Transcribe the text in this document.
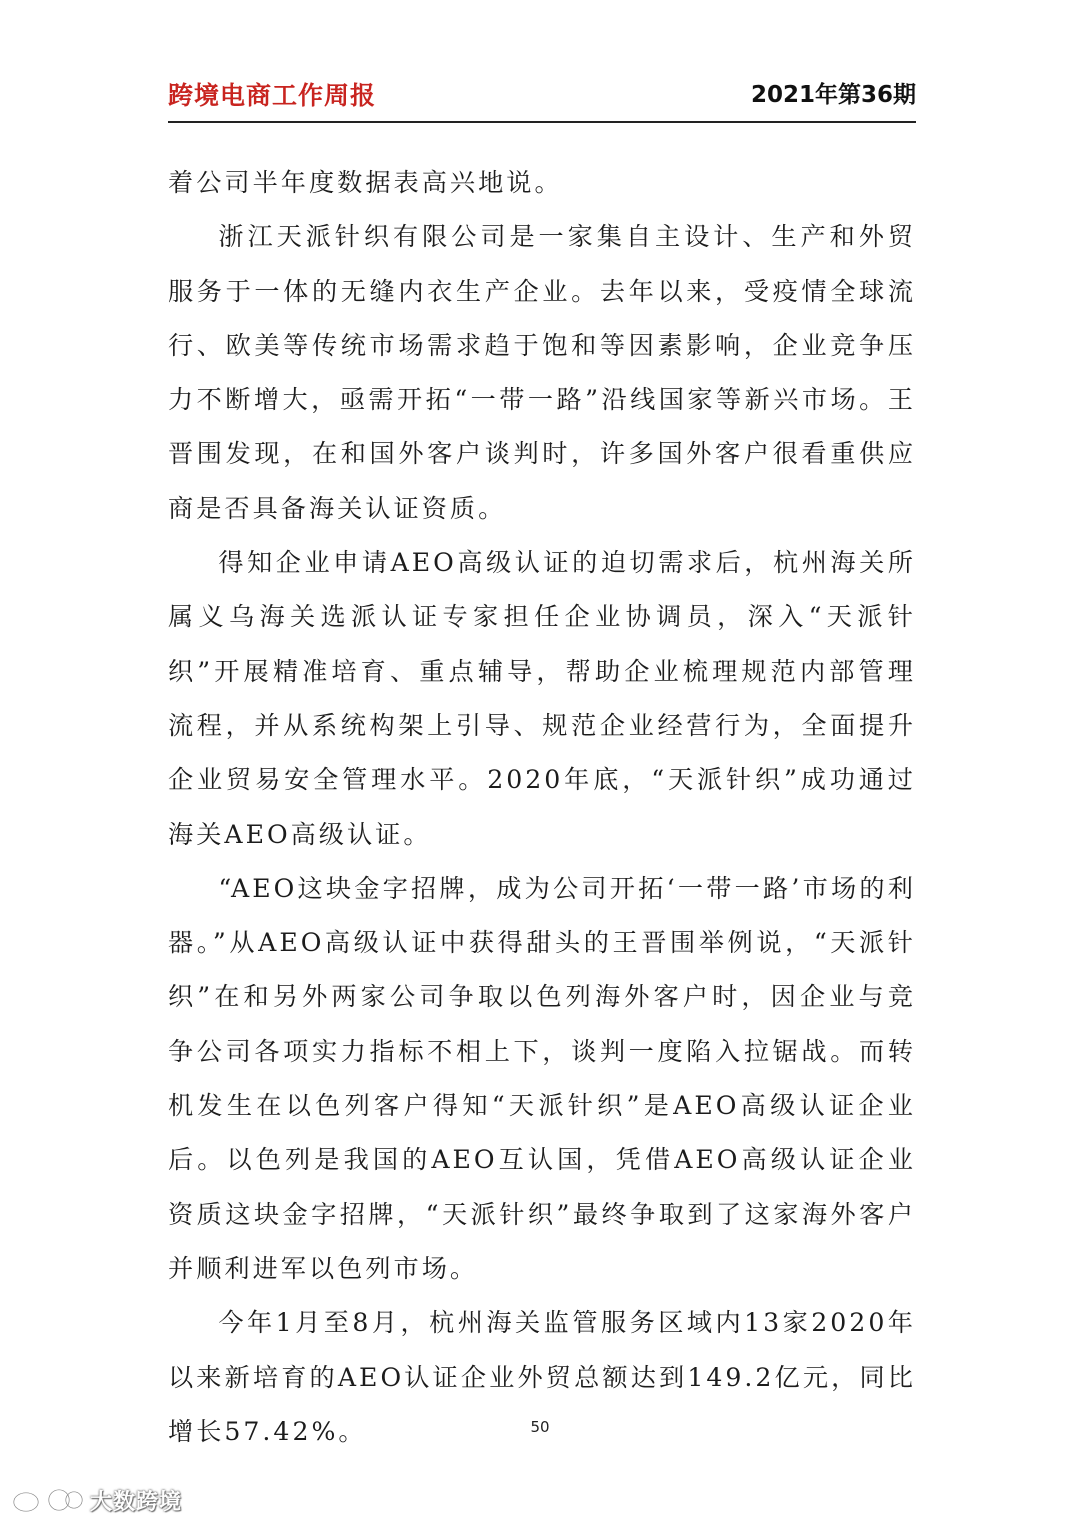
跨境电商工作周报	2021年第36期

着公司半年度数据表高兴地说。

浙江天派针织有限公司是一家集自主设计、生产和外贸服务于一体的无缝内衣生产企业。去年以来，受疫情全球流行、欧美等传统市场需求趋于饱和等因素影响，企业竞争压力不断增大，亟需开拓“一带一路”沿线国家等新兴市场。王晋围发现，在和国外客户谈判时，许多国外客户很看重供应商是否具备海关认证资质。

得知企业申请AEO高级认证的迫切需求后，杭州海关所属义乌海关选派认证专家担任企业协调员，深入“天派针织”开展精准培育、重点辅导，帮助企业梳理规范内部管理流程，并从系统构架上引导、规范企业经营行为，全面提升企业贸易安全管理水平。2020年底，“天派针织”成功通过海关AEO高级认证。

“AEO这块金字招牌，成为公司开拓‘一带一路’市场的利器。”从AEO高级认证中获得甜头的王晋围举例说，“天派针织”在和另外两家公司争取以色列海外客户时，因企业与竞争公司各项实力指标不相上下，谈判一度陷入拉锯战。而转机发生在以色列客户得知“天派针织”是AEO高级认证企业后。以色列是我国的AEO互认国，凭借AEO高级认证企业资质这块金字招牌，“天派针织”最终争取到了这家海外客户并顺利进军以色列市场。

今年1月至8月，杭州海关监管服务区域内13家2020年以来新培育的AEO认证企业外贸总额达到149.2亿元，同比增长57.42%。	50
大数跨境
